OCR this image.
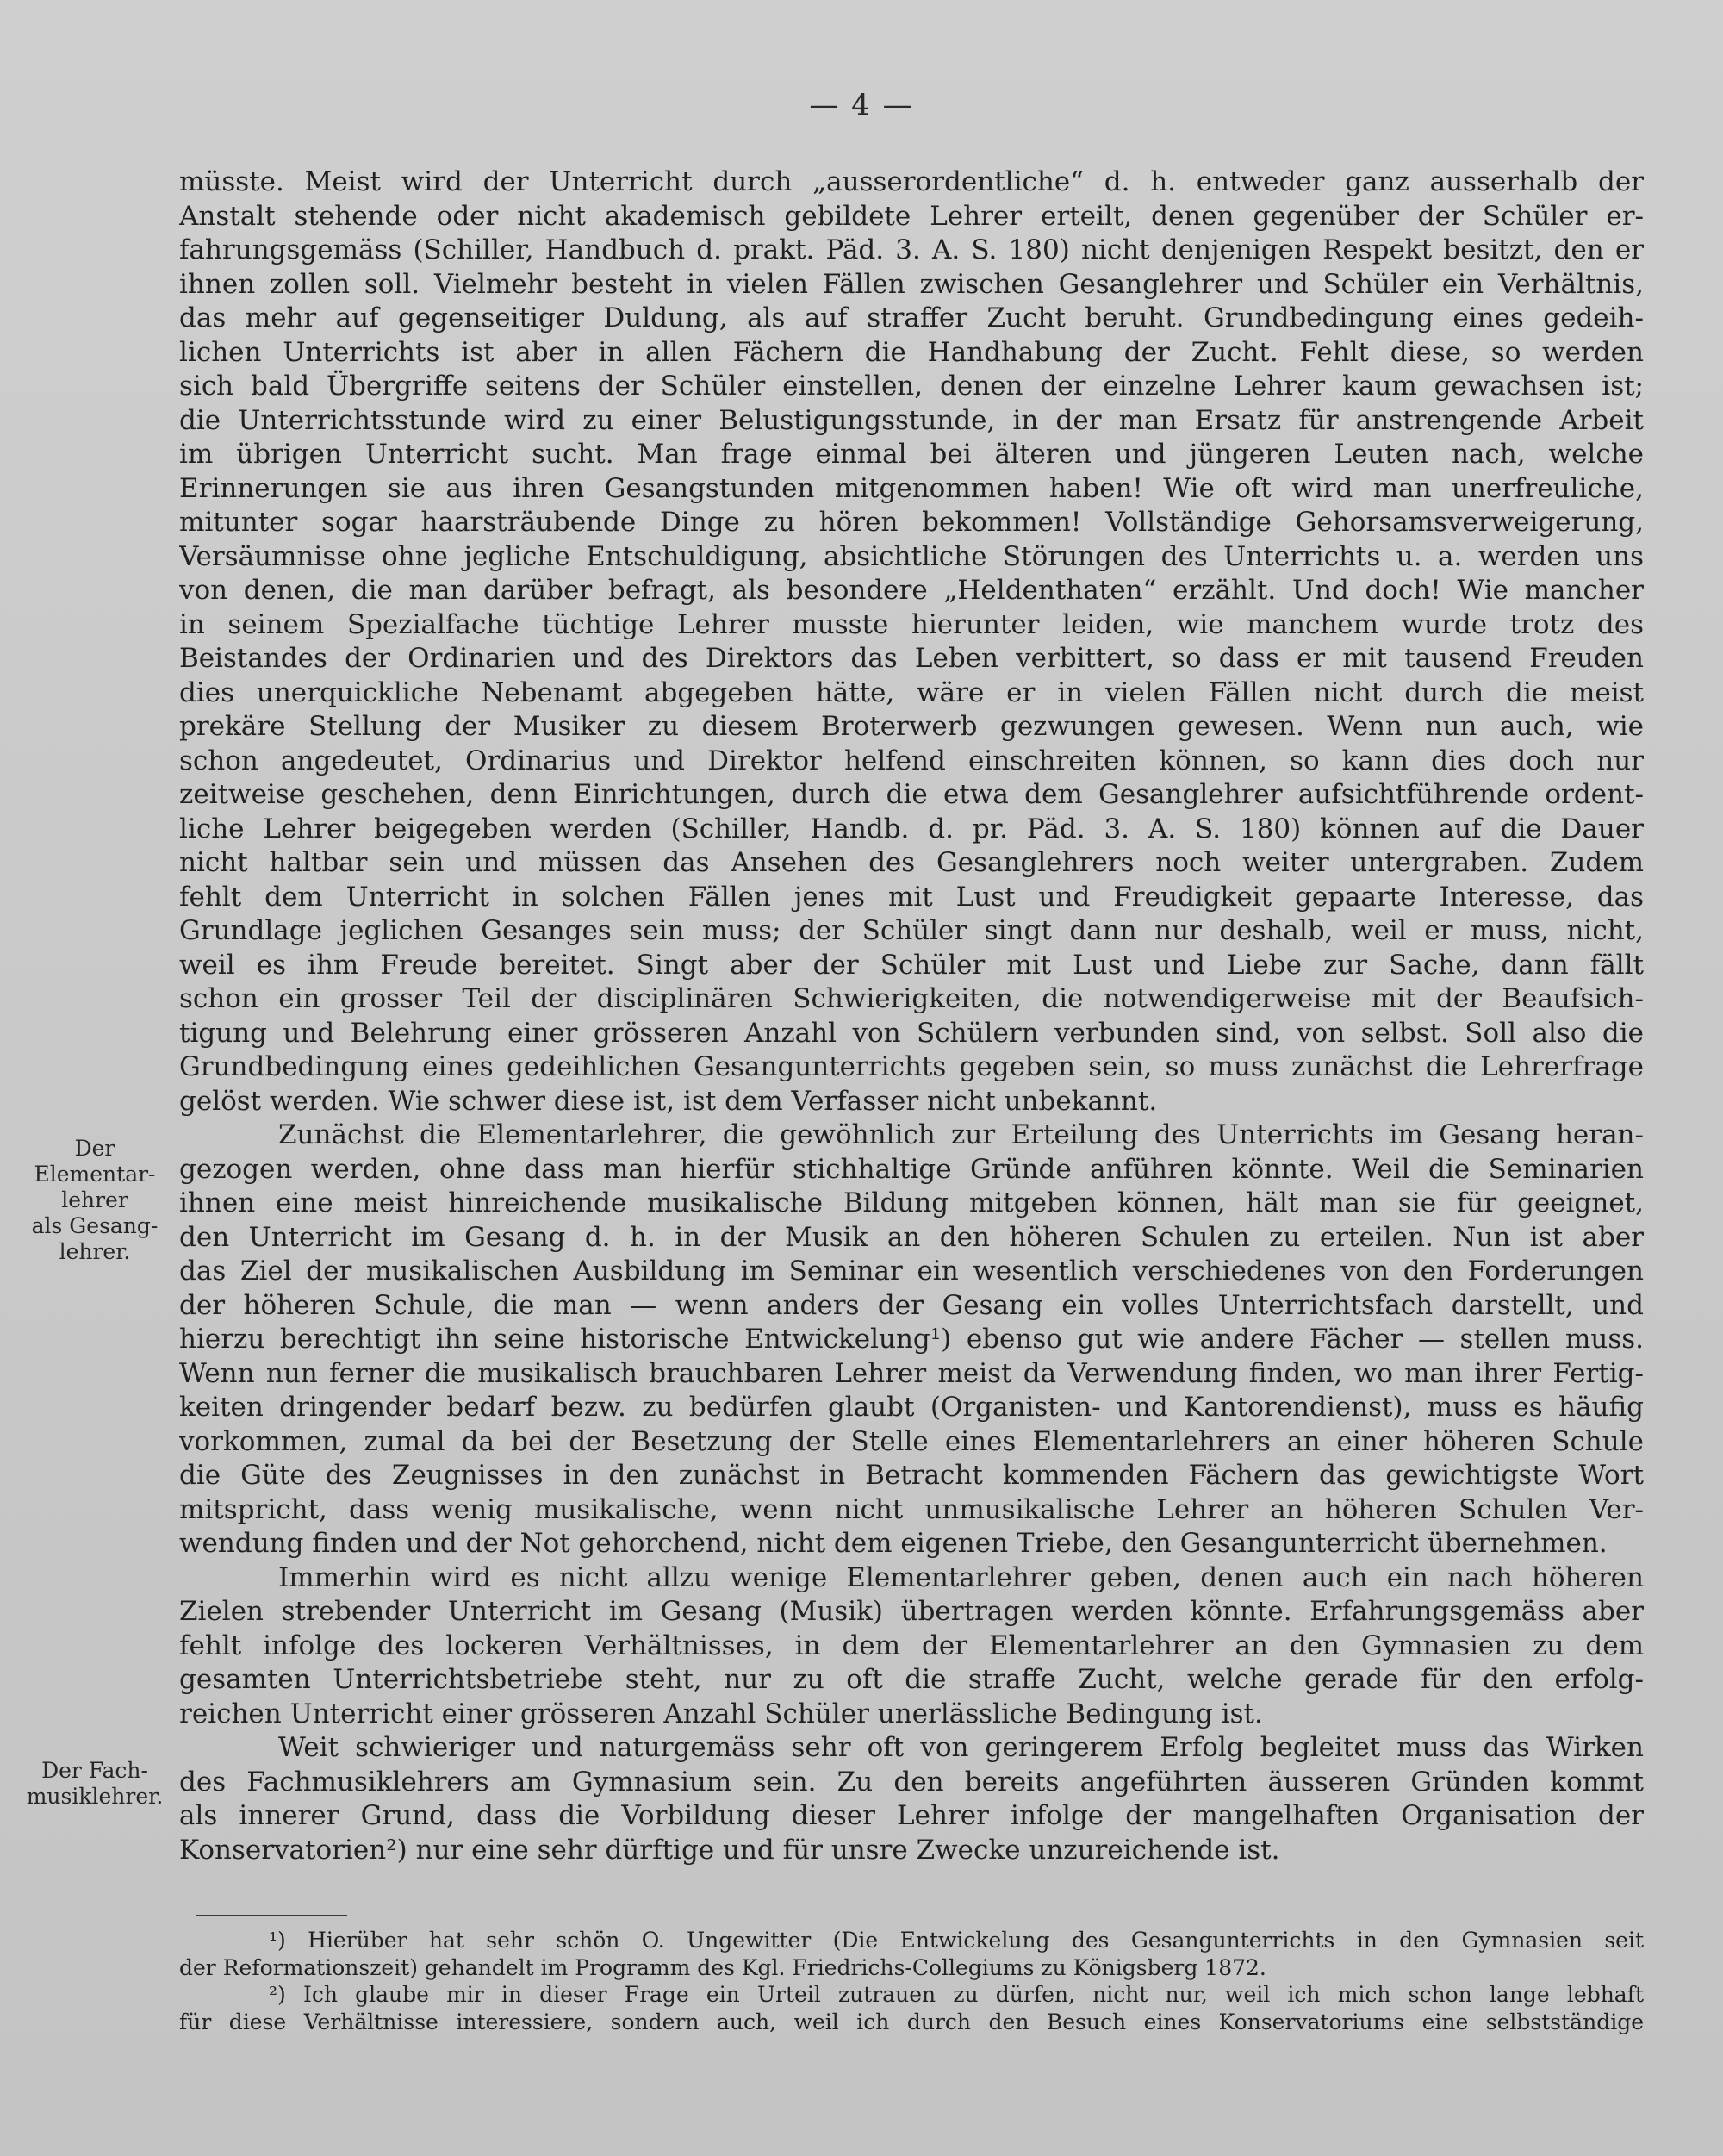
— 4 —

müsste. Meist wird der Unterricht durch „ausserordentliche“ d. h. entweder ganz ausserhalb der
Anstalt stehende oder nicht akademisch gebildete Lehrer erteilt, denen gegenüber der Schüler er-
fahrungsgemäss (Schiller, Handbuch d. prakt. Päd. 3. A. S. 180) nicht denjenigen Respekt besitzt, den er
ihnen zollen soll. Vielmehr besteht in vielen Fällen zwischen Gesanglehrer und Schüler ein Verhältnis,
das mehr auf gegenseitiger Duldung, als auf straffer Zucht beruht. Grundbedingung eines gedeih-
lichen Unterrichts ist aber in allen Fächern die Handhabung der Zucht. Fehlt diese, so werden
sich bald Übergriffe seitens der Schüler einstellen, denen der einzelne Lehrer kaum gewachsen ist;
die Unterrichtsstunde wird zu einer Belustigungsstunde, in der man Ersatz für anstrengende Arbeit
im übrigen Unterricht sucht. Man frage einmal bei älteren und jüngeren Leuten nach, welche
Erinnerungen sie aus ihren Gesangstunden mitgenommen haben! Wie oft wird man unerfreuliche,
mitunter sogar haarsträubende Dinge zu hören bekommen! Vollständige Gehorsamsverweigerung,
Versäumnisse ohne jegliche Entschuldigung, absichtliche Störungen des Unterrichts u. a. werden uns
von denen, die man darüber befragt, als besondere „Heldenthaten“ erzählt. Und doch! Wie mancher
in seinem Spezialfache tüchtige Lehrer musste hierunter leiden, wie manchem wurde trotz des
Beistandes der Ordinarien und des Direktors das Leben verbittert, so dass er mit tausend Freuden
dies unerquickliche Nebenamt abgegeben hätte, wäre er in vielen Fällen nicht durch die meist
prekäre Stellung der Musiker zu diesem Broterwerb gezwungen gewesen. Wenn nun auch, wie
schon angedeutet, Ordinarius und Direktor helfend einschreiten können, so kann dies doch nur
zeitweise geschehen, denn Einrichtungen, durch die etwa dem Gesanglehrer aufsichtführende ordent-
liche Lehrer beigegeben werden (Schiller, Handb. d. pr. Päd. 3. A. S. 180) können auf die Dauer
nicht haltbar sein und müssen das Ansehen des Gesanglehrers noch weiter untergraben. Zudem
fehlt dem Unterricht in solchen Fällen jenes mit Lust und Freudigkeit gepaarte Interesse, das
Grundlage jeglichen Gesanges sein muss; der Schüler singt dann nur deshalb, weil er muss, nicht,
weil es ihm Freude bereitet. Singt aber der Schüler mit Lust und Liebe zur Sache, dann fällt
schon ein grosser Teil der disciplinären Schwierigkeiten, die notwendigerweise mit der Beaufsich-
tigung und Belehrung einer grösseren Anzahl von Schülern verbunden sind, von selbst. Soll also die
Grundbedingung eines gedeihlichen Gesangunterrichts gegeben sein, so muss zunächst die Lehrerfrage
gelöst werden. Wie schwer diese ist, ist dem Verfasser nicht unbekannt.

Zunächst die Elementarlehrer, die gewöhnlich zur Erteilung des Unterrichts im Gesang heran-
gezogen werden, ohne dass man hierfür stichhaltige Gründe anführen könnte. Weil die Seminarien
ihnen eine meist hinreichende musikalische Bildung mitgeben können, hält man sie für geeignet,
den Unterricht im Gesang d. h. in der Musik an den höheren Schulen zu erteilen. Nun ist aber
das Ziel der musikalischen Ausbildung im Seminar ein wesentlich verschiedenes von den Forderungen
der höheren Schule, die man — wenn anders der Gesang ein volles Unterrichtsfach darstellt, und
hierzu berechtigt ihn seine historische Entwickelung¹) ebenso gut wie andere Fächer — stellen muss.
Wenn nun ferner die musikalisch brauchbaren Lehrer meist da Verwendung finden, wo man ihrer Fertig-
keiten dringender bedarf bezw. zu bedürfen glaubt (Organisten- und Kantorendienst), muss es häufig
vorkommen, zumal da bei der Besetzung der Stelle eines Elementarlehrers an einer höheren Schule
die Güte des Zeugnisses in den zunächst in Betracht kommenden Fächern das gewichtigste Wort
mitspricht, dass wenig musikalische, wenn nicht unmusikalische Lehrer an höheren Schulen Ver-
wendung finden und der Not gehorchend, nicht dem eigenen Triebe, den Gesangunterricht übernehmen.

Immerhin wird es nicht allzu wenige Elementarlehrer geben, denen auch ein nach höheren
Zielen strebender Unterricht im Gesang (Musik) übertragen werden könnte. Erfahrungsgemäss aber
fehlt infolge des lockeren Verhältnisses, in dem der Elementarlehrer an den Gymnasien zu dem
gesamten Unterrichtsbetriebe steht, nur zu oft die straffe Zucht, welche gerade für den erfolg-
reichen Unterricht einer grösseren Anzahl Schüler unerlässliche Bedingung ist.

Weit schwieriger und naturgemäss sehr oft von geringerem Erfolg begleitet muss das Wirken
des Fachmusiklehrers am Gymnasium sein. Zu den bereits angeführten äusseren Gründen kommt
als innerer Grund, dass die Vorbildung dieser Lehrer infolge der mangelhaften Organisation der
Konservatorien²) nur eine sehr dürftige und für unsre Zwecke unzureichende ist.

Der
Elementar-
lehrer
als Gesang-
lehrer.
Der Fach-
musiklehrer.
¹) Hierüber hat sehr schön O. Ungewitter (Die Entwickelung des Gesangunterrichts in den Gymnasien seit
der Reformationszeit) gehandelt im Programm des Kgl. Friedrichs-Collegiums zu Königsberg 1872.
²) Ich glaube mir in dieser Frage ein Urteil zutrauen zu dürfen, nicht nur, weil ich mich schon lange lebhaft
für diese Verhältnisse interessiere, sondern auch, weil ich durch den Besuch eines Konservatoriums eine selbstständige
